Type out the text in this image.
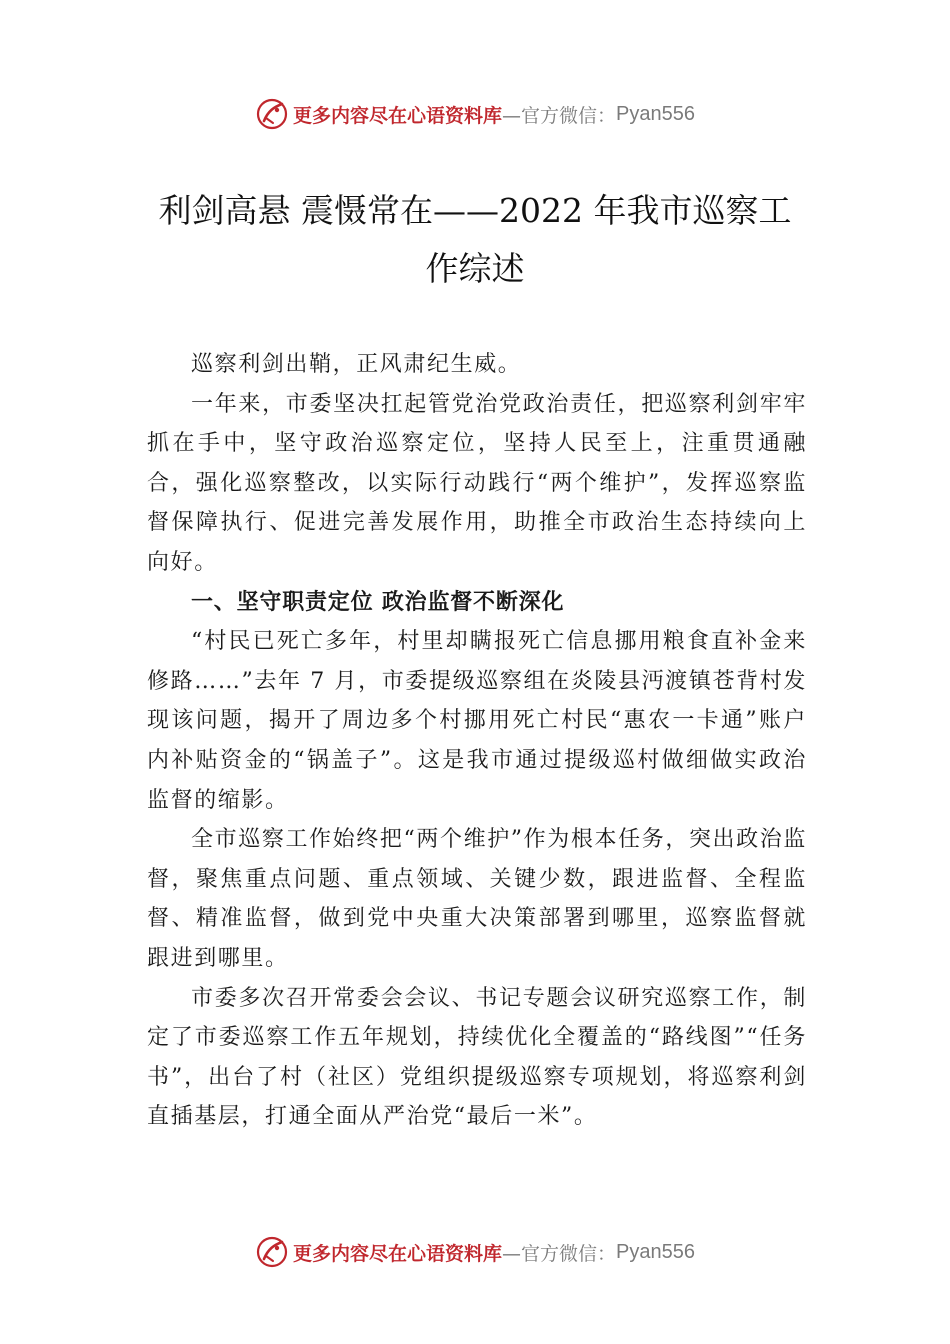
更多内容尽在心语资料库 —官方微信： Pyan556
利剑高悬 震慑常在——2022 年我市巡察工作综述

巡察利剑出鞘，正风肃纪生威。

一年来，市委坚决扛起管党治党政治责任，把巡察利剑牢牢抓在手中，坚守政治巡察定位，坚持人民至上，注重贯通融合，强化巡察整改，以实际行动践行“两个维护”，发挥巡察监督保障执行、促进完善发展作用，助推全市政治生态持续向上向好。

一、坚守职责定位 政治监督不断深化

“村民已死亡多年，村里却瞒报死亡信息挪用粮食直补金来修路……”去年 7 月，市委提级巡察组在炎陵县沔渡镇苍背村发现该问题，揭开了周边多个村挪用死亡村民“惠农一卡通”账户内补贴资金的“锅盖子”。这是我市通过提级巡村做细做实政治监督的缩影。

全市巡察工作始终把“两个维护”作为根本任务，突出政治监督，聚焦重点问题、重点领域、关键少数，跟进监督、全程监督、精准监督，做到党中央重大决策部署到哪里，巡察监督就跟进到哪里。

市委多次召开常委会会议、书记专题会议研究巡察工作，制定了市委巡察工作五年规划，持续优化全覆盖的“路线图”“任务书”，出台了村（社区）党组织提级巡察专项规划，将巡察利剑直插基层，打通全面从严治党“最后一米”。

更多内容尽在心语资料库 —官方微信： Pyan556
